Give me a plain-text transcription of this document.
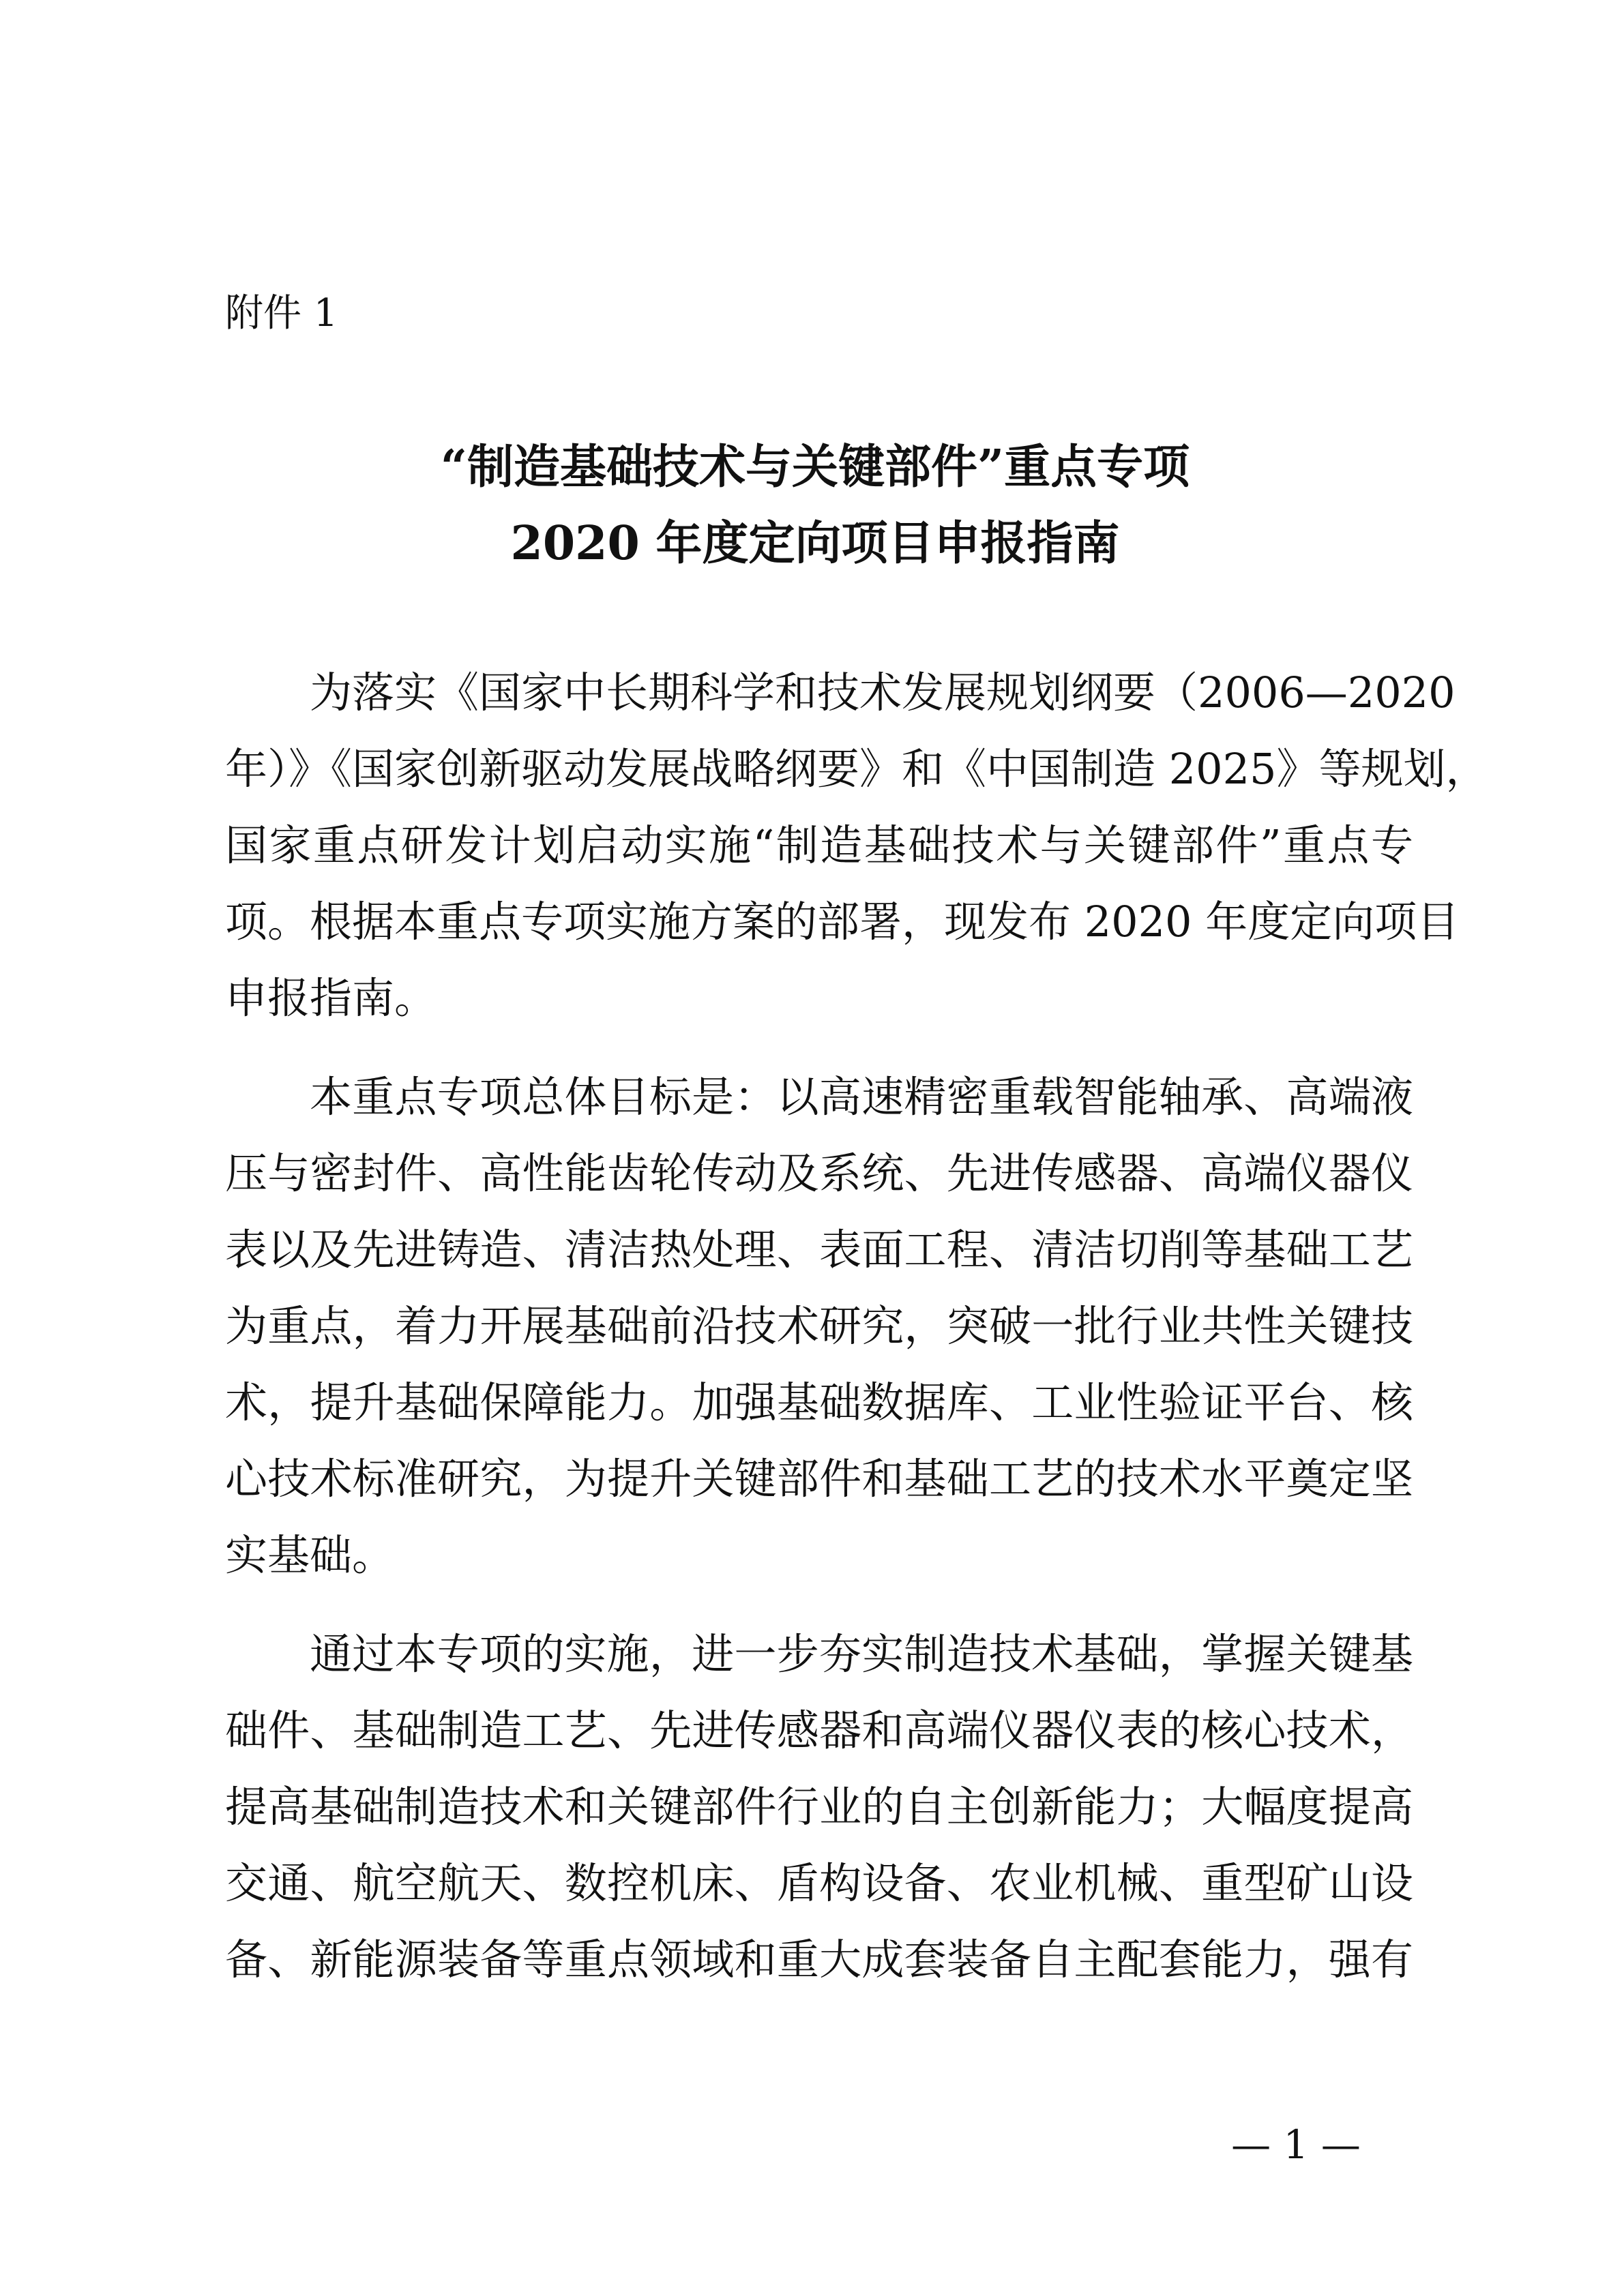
附件 1
“制造基础技术与关键部件”重点专项
2020 年度定向项目申报指南
为落实《国家中长期科学和技术发展规划纲要（2006—2020
年）》《国家创新驱动发展战略纲要》和《中国制造 2025》等规划，
国家重点研发计划启动实施“制造基础技术与关键部件”重点专
项。根据本重点专项实施方案的部署，现发布 2020 年度定向项目
申报指南。
本重点专项总体目标是：以高速精密重载智能轴承、高端液
压与密封件、高性能齿轮传动及系统、先进传感器、高端仪器仪
表以及先进铸造、清洁热处理、表面工程、清洁切削等基础工艺
为重点，着力开展基础前沿技术研究，突破一批行业共性关键技
术，提升基础保障能力。加强基础数据库、工业性验证平台、核
心技术标准研究，为提升关键部件和基础工艺的技术水平奠定坚
实基础。
通过本专项的实施，进一步夯实制造技术基础，掌握关键基
础件、基础制造工艺、先进传感器和高端仪器仪表的核心技术，
提高基础制造技术和关键部件行业的自主创新能力；大幅度提高
交通、航空航天、数控机床、盾构设备、农业机械、重型矿山设
备、新能源装备等重点领域和重大成套装备自主配套能力，强有
— 1 —
